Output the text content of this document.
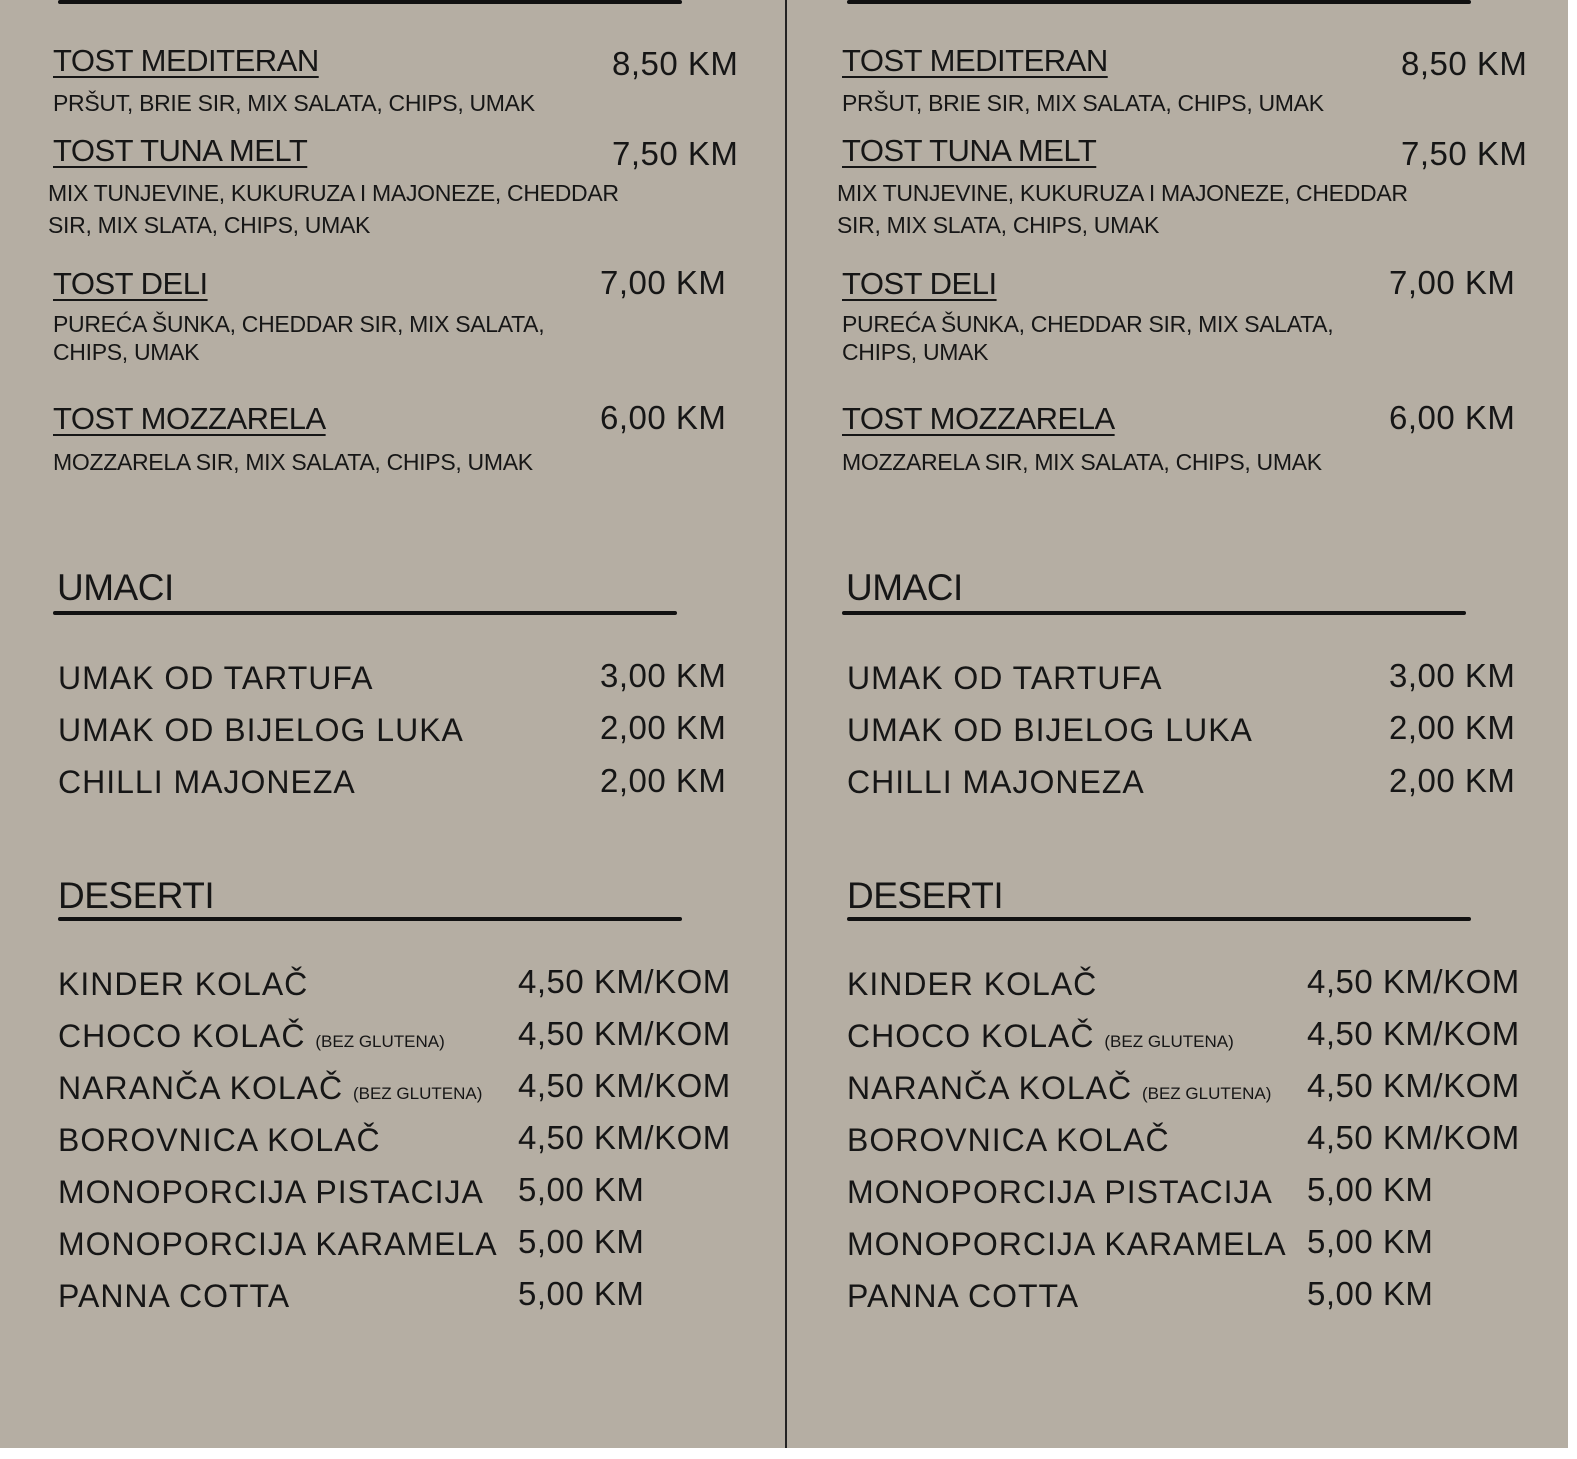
TOST MEDITERAN	8,50 KM
PRŠUT, BRIE SIR, MIX SALATA, CHIPS, UMAK
TOST TUNA MELT	7,50 KM
MIX TUNJEVINE, KUKURUZA I MAJONEZE, CHEDDAR
SIR, MIX SLATA, CHIPS, UMAK
TOST DELI	7,00 KM
PUREĆA ŠUNKA, CHEDDAR SIR, MIX SALATA,
CHIPS, UMAK
TOST MOZZARELA	6,00 KM
MOZZARELA SIR, MIX SALATA, CHIPS, UMAK
UMACI
UMAK OD TARTUFA	3,00 KM
UMAK OD BIJELOG LUKA	2,00 KM
CHILLI MAJONEZA	2,00 KM
DESERTI
KINDER KOLAČ	4,50 KM/KOM
CHOCO KOLAČ (BEZ GLUTENA) 4,50 KM/KOM
NARANČA KOLAČ (BEZ GLUTENA) 4,50 KM/KOM
BOROVNICA KOLAČ	4,50 KM/KOM
MONOPORCIJA PISTACIJA 5,00 KM
MONOPORCIJA KARAMELA 5,00 KM
PANNA COTTA	5,00 KM
TOST MEDITERAN	8,50 KM
PRŠUT, BRIE SIR, MIX SALATA, CHIPS, UMAK
TOST TUNA MELT	7,50 KM
MIX TUNJEVINE, KUKURUZA I MAJONEZE, CHEDDAR
SIR, MIX SLATA, CHIPS, UMAK
TOST DELI	7,00 KM
PUREĆA ŠUNKA, CHEDDAR SIR, MIX SALATA,
CHIPS, UMAK
TOST MOZZARELA	6,00 KM
MOZZARELA SIR, MIX SALATA, CHIPS, UMAK
UMACI
UMAK OD TARTUFA	3,00 KM
UMAK OD BIJELOG LUKA	2,00 KM
CHILLI MAJONEZA	2,00 KM
DESERTI
KINDER KOLAČ	4,50 KM/KOM
CHOCO KOLAČ (BEZ GLUTENA) 4,50 KM/KOM
NARANČA KOLAČ (BEZ GLUTENA) 4,50 KM/KOM
BOROVNICA KOLAČ	4,50 KM/KOM
MONOPORCIJA PISTACIJA 5,00 KM
MONOPORCIJA KARAMELA 5,00 KM
PANNA COTTA	5,00 KM
